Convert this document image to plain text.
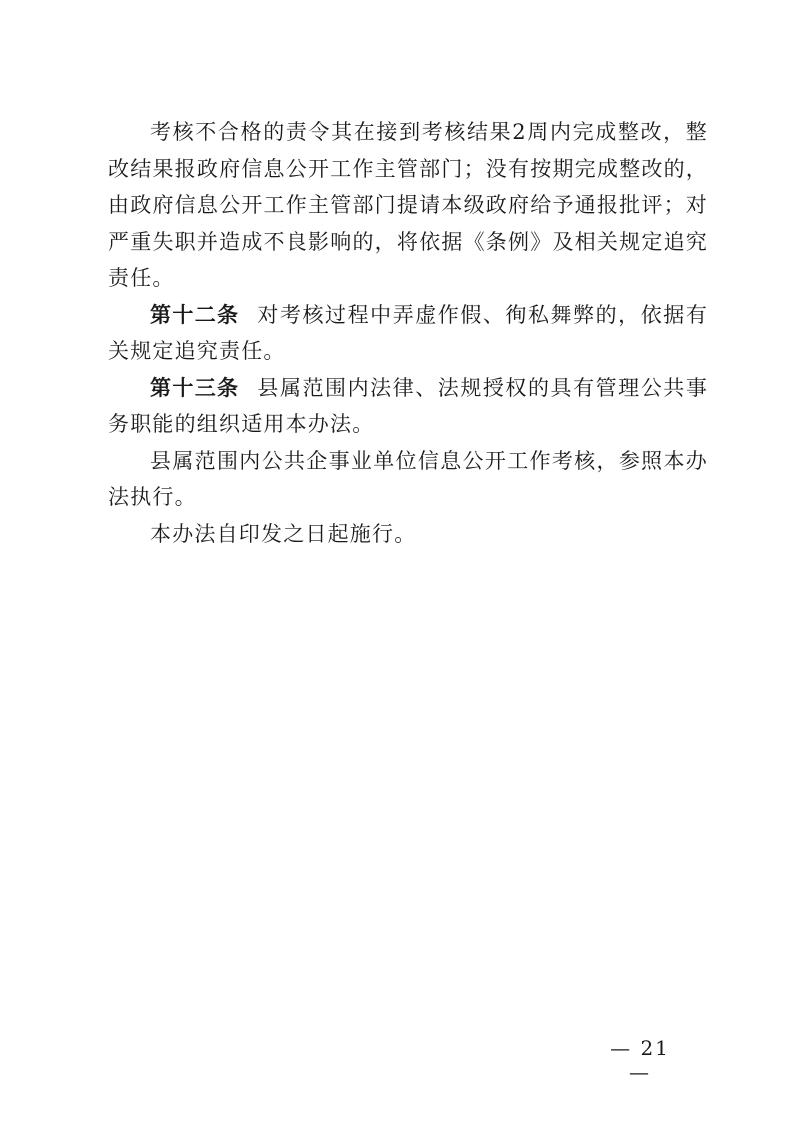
考核不合格的责令其在接到考核结果2周内完成整改，整改结果报政府信息公开工作主管部门；没有按期完成整改的，由政府信息公开工作主管部门提请本级政府给予通报批评；对严重失职并造成不良影响的，将依据《条例》及相关规定追究责任。

第十二条 对考核过程中弄虚作假、徇私舞弊的，依据有关规定追究责任。

第十三条 县属范围内法律、法规授权的具有管理公共事务职能的组织适用本办法。

县属范围内公共企事业单位信息公开工作考核，参照本办法执行。

本办法自印发之日起施行。

— 21 —
